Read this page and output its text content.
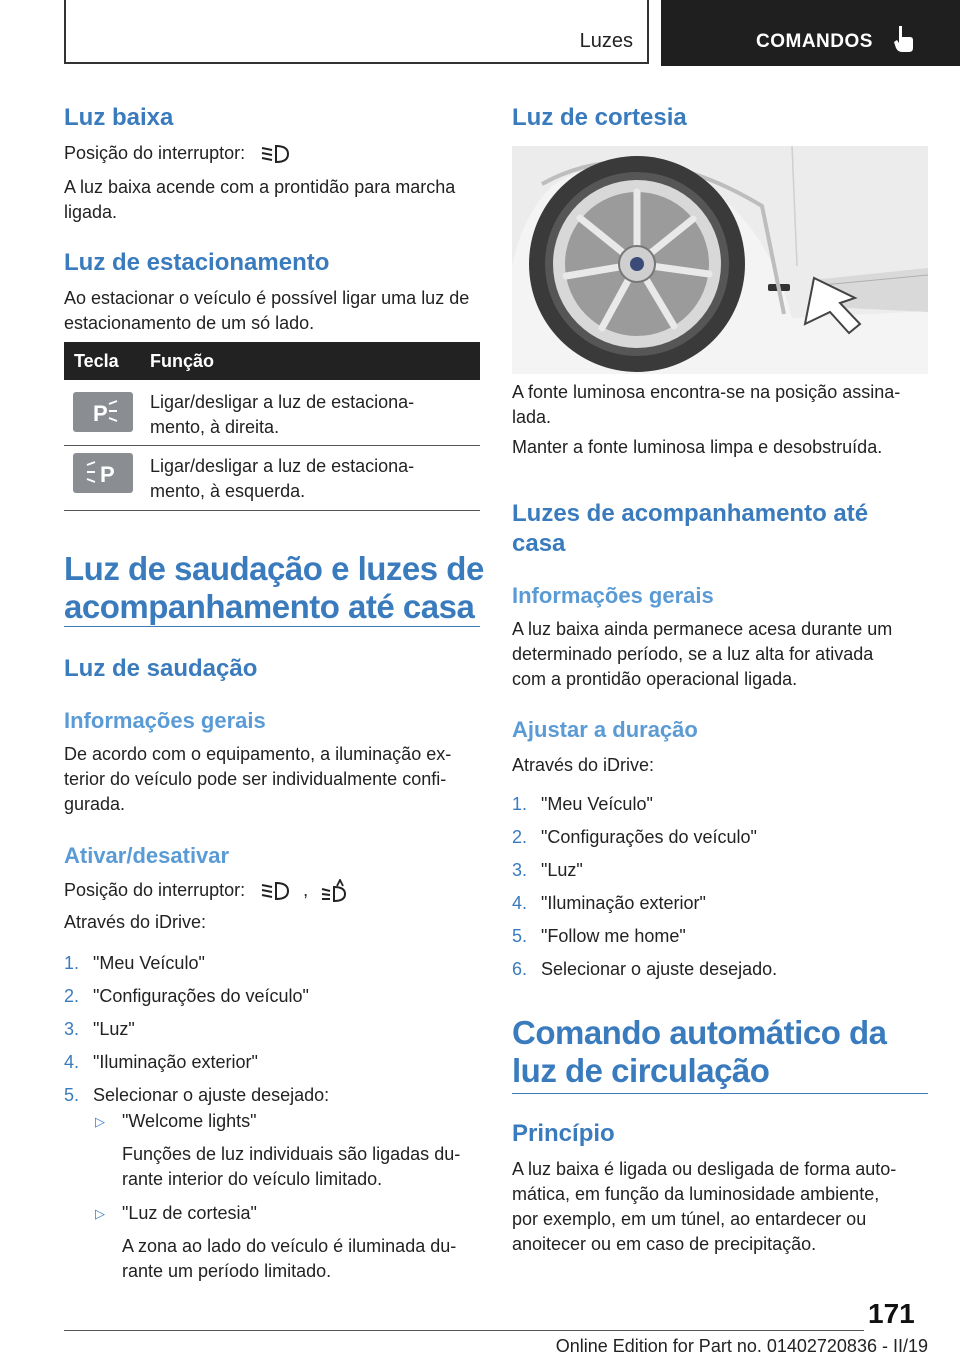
Luzes	COMANDOS
Luz baixa
Posição do interruptor:
A luz baixa acende com a prontidão para marcha ligada.
Luz de estacionamento
Ao estacionar o veículo é possível ligar uma luz de estacionamento de um só lado.
Tecla Função
P Ligar/desligar a luz de estaciona-
mento, à direita.
P Ligar/desligar a luz de estaciona-
mento, à esquerda.
Luz de saudação e luzes de
acompanhamento até casa
Luz de saudação
Informações gerais
De acordo com o equipamento, a iluminação ex-
terior do veículo pode ser individualmente confi-
gurada.
Ativar/desativar
Posição do interruptor:	,
Através do iDrive:
1. "Meu Veículo"
2. "Configurações do veículo"
3. "Luz"
4. "Iluminação exterior"
5. Selecionar o ajuste desejado:
▷ "Welcome lights"
Funções de luz individuais são ligadas du-
rante interior do veículo limitado.
▷ "Luz de cortesia"
A zona ao lado do veículo é iluminada du-
rante um período limitado.
Luz de cortesia
A fonte luminosa encontra-se na posição assina-
lada.
Manter a fonte luminosa limpa e desobstruída.
Luzes de acompanhamento até
casa
Informações gerais
A luz baixa ainda permanece acesa durante um
determinado período, se a luz alta for ativada
com a prontidão operacional ligada.
Ajustar a duração
Através do iDrive:
1. "Meu Veículo"
2. "Configurações do veículo"
3. "Luz"
4. "Iluminação exterior"
5. "Follow me home"
6. Selecionar o ajuste desejado.
Comando automático da
luz de circulação
Princípio
A luz baixa é ligada ou desligada de forma auto-
mática, em função da luminosidade ambiente,
por exemplo, em um túnel, ao entardecer ou
anoitecer ou em caso de precipitação.
171
Online Edition for Part no. 01402720836 - II/19
